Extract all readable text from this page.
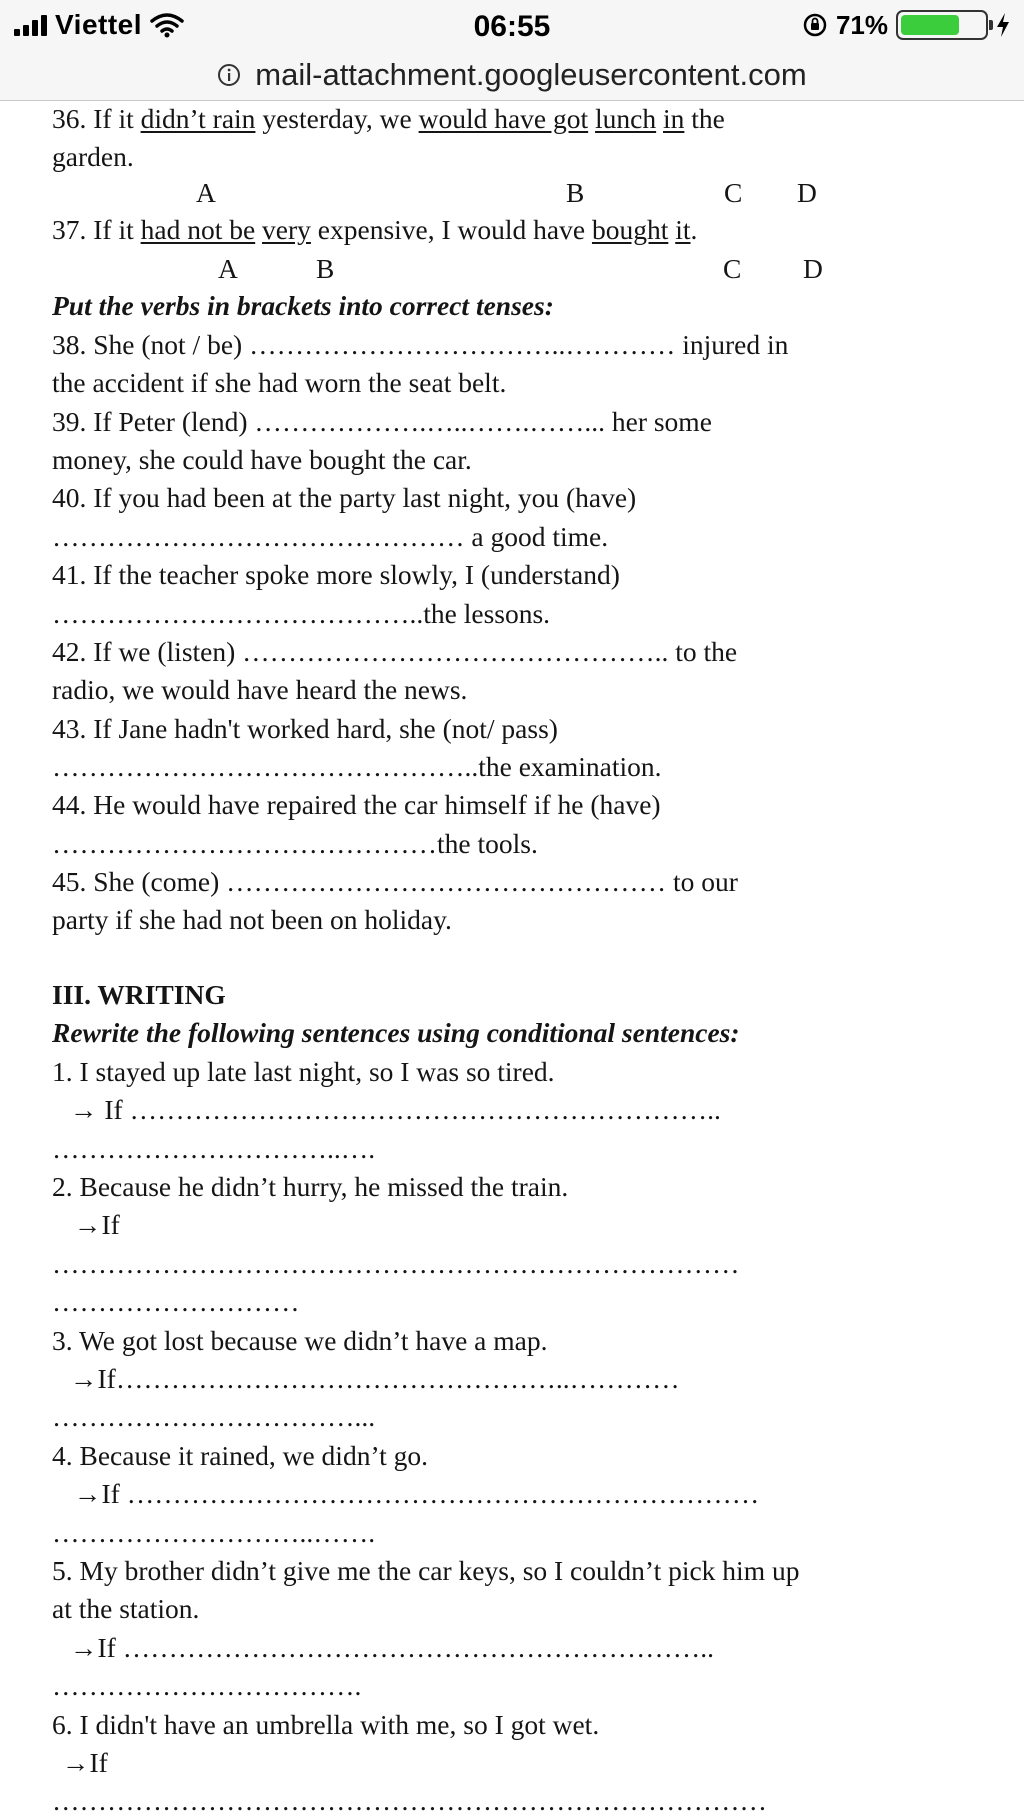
Viettel	06:55	71%
mail-attachment.googleusercontent.com
36. If it didn’t rain yesterday, we would have got lunch in the
garden.
A	B	C D
37. If it had not be very expensive, I would have bought it.
A	B	C D
Put the verbs in brackets into correct tenses:
38. She (not / be) ……………………………..………… injured in
the accident if she had worn the seat belt.
39. If Peter (lend) ……………….…..…….……... her some
money, she could have bought the car.
40. If you had been at the party last night, you (have)
……………………………………… a good time.
41. If the teacher spoke more slowly, I (understand)
…………………………………..the lessons.
42. If we (listen) ……………………………………….. to the
radio, we would have heard the news.
43. If Jane hadn't worked hard, she (not/ pass)
………………………………………..the examination.
44. He would have repaired the car himself if he (have)
……………………………………the tools.
45. She (come) ………………………………………… to our
party if she had not been on holiday.
III. WRITING
Rewrite the following sentences using conditional sentences:
1. I stayed up late last night, so I was so tired.
→ If ………………………………………………………..
…………………………..….
2. Because he didn’t hurry, he missed the train.
→If
…………………………………………………………………
………………………
3. We got lost because we didn’t have a map.
→If…………………………………………..…………
……………………………...
4. Because it rained, we didn’t go.
→If ……………………………………………………………
………………………..…….
5. My brother didn’t give me the car keys, so I couldn’t pick him up
at the station.
→If ………………………………………………………..
…………………………….
6. I didn't have an umbrella with me, so I got wet.
→If
……………………………………………………………………
